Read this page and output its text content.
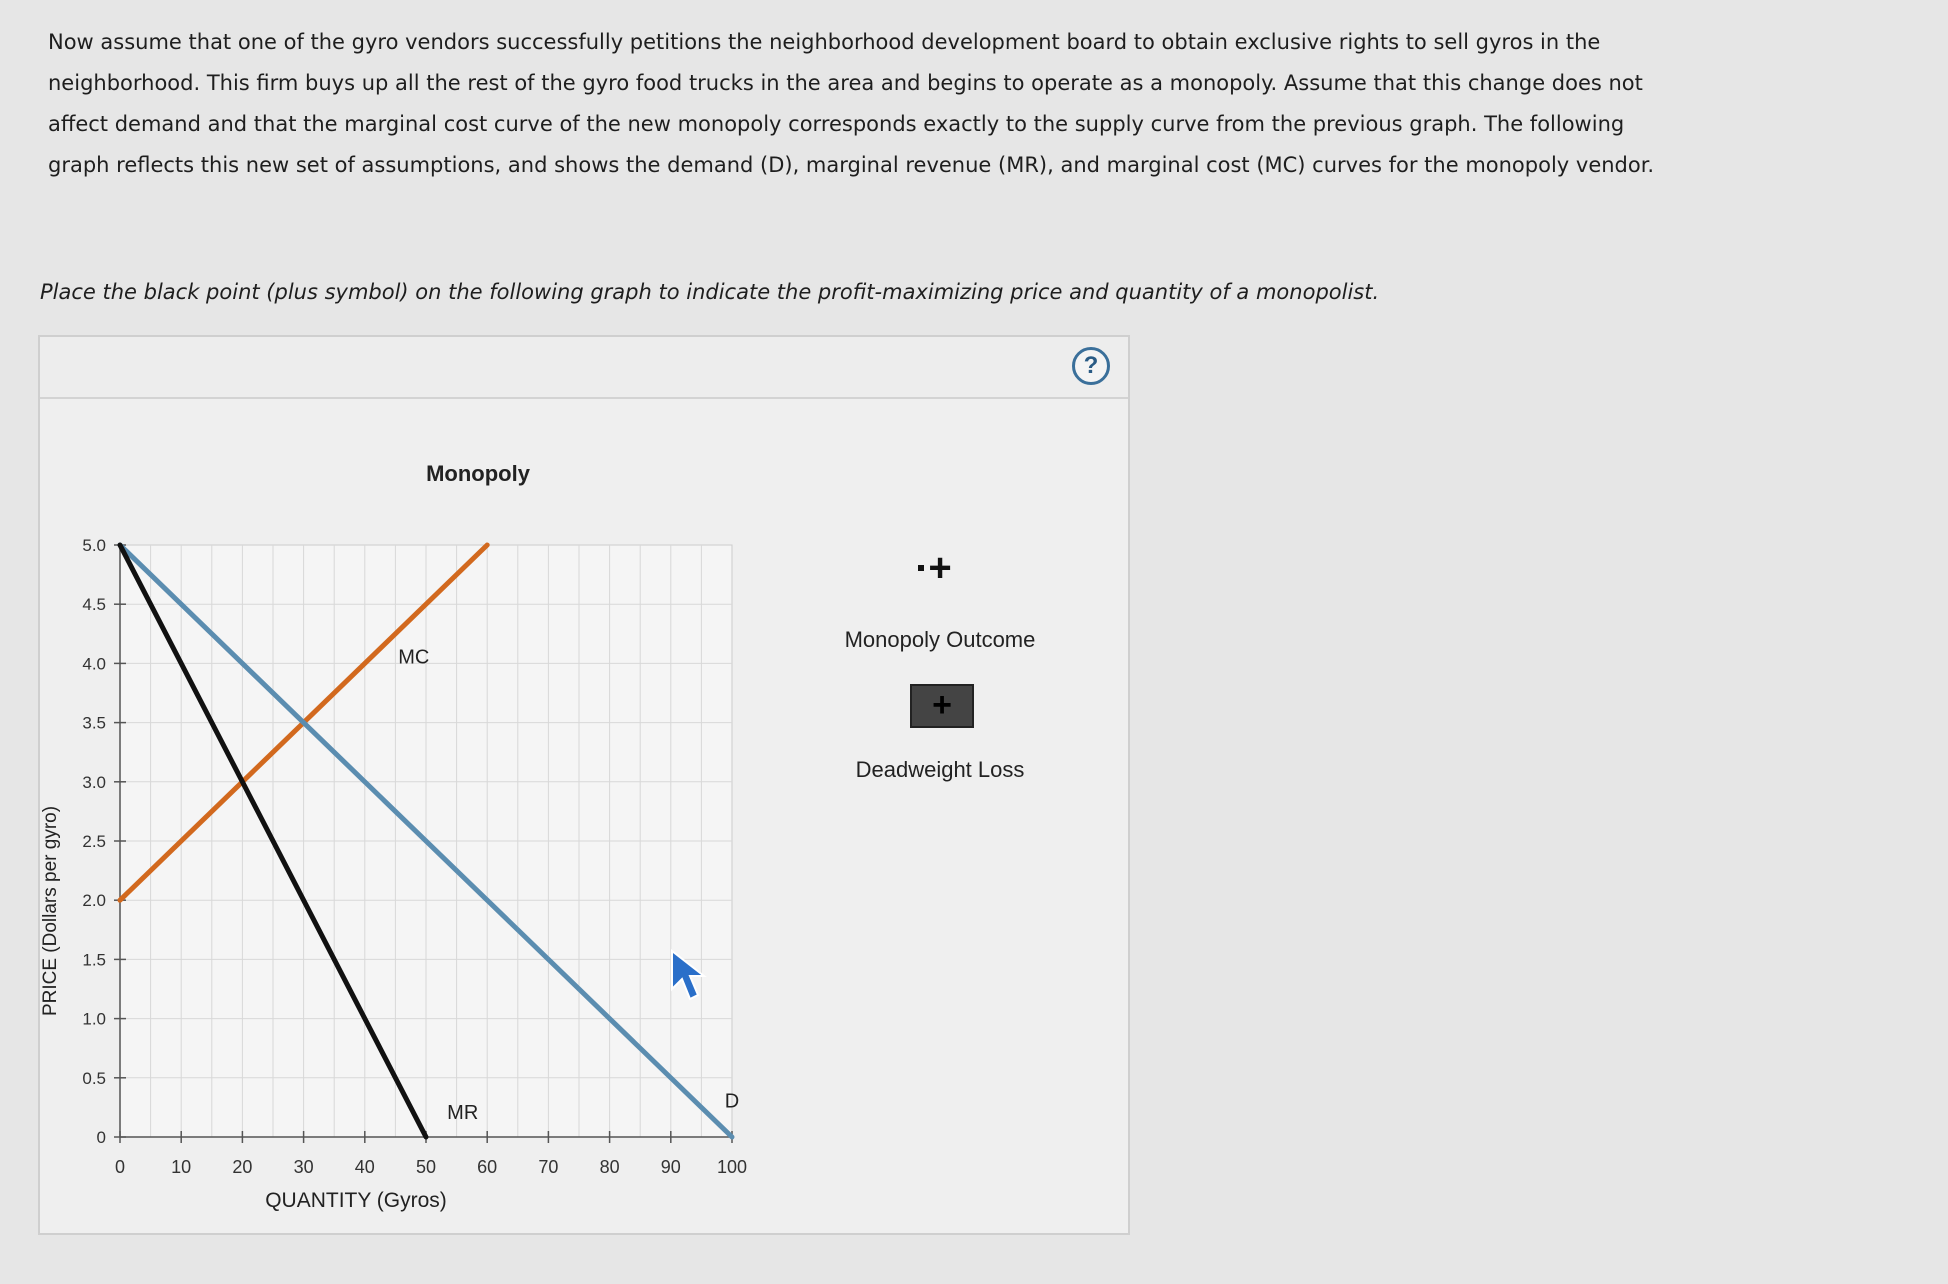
Now assume that one of the gyro vendors successfully petitions the neighborhood development board to obtain exclusive rights to sell gyros in the neighborhood. This firm buys up all the rest of the gyro food trucks in the area and begins to operate as a monopoly. Assume that this change does not affect demand and that the marginal cost curve of the new monopoly corresponds exactly to the supply curve from the previous graph. The following graph reflects this new set of assumptions, and shows the demand (D), marginal revenue (MR), and marginal cost (MC) curves for the monopoly vendor.

Place the black point (plus symbol) on the following graph to indicate the profit-maximizing price and quantity of a monopolist.

?
Monopoly
0	10 20 30 40 50 60 70 80 90 100
0
0.5
1.0
1.5
2.0
2.5
3.0
3.5
4.0
4.5
5.0
QUANTITY (Gyros)
PRICE (Dollars per gyro)
MC
D
MR
+
Monopoly Outcome
+
Deadweight Loss
